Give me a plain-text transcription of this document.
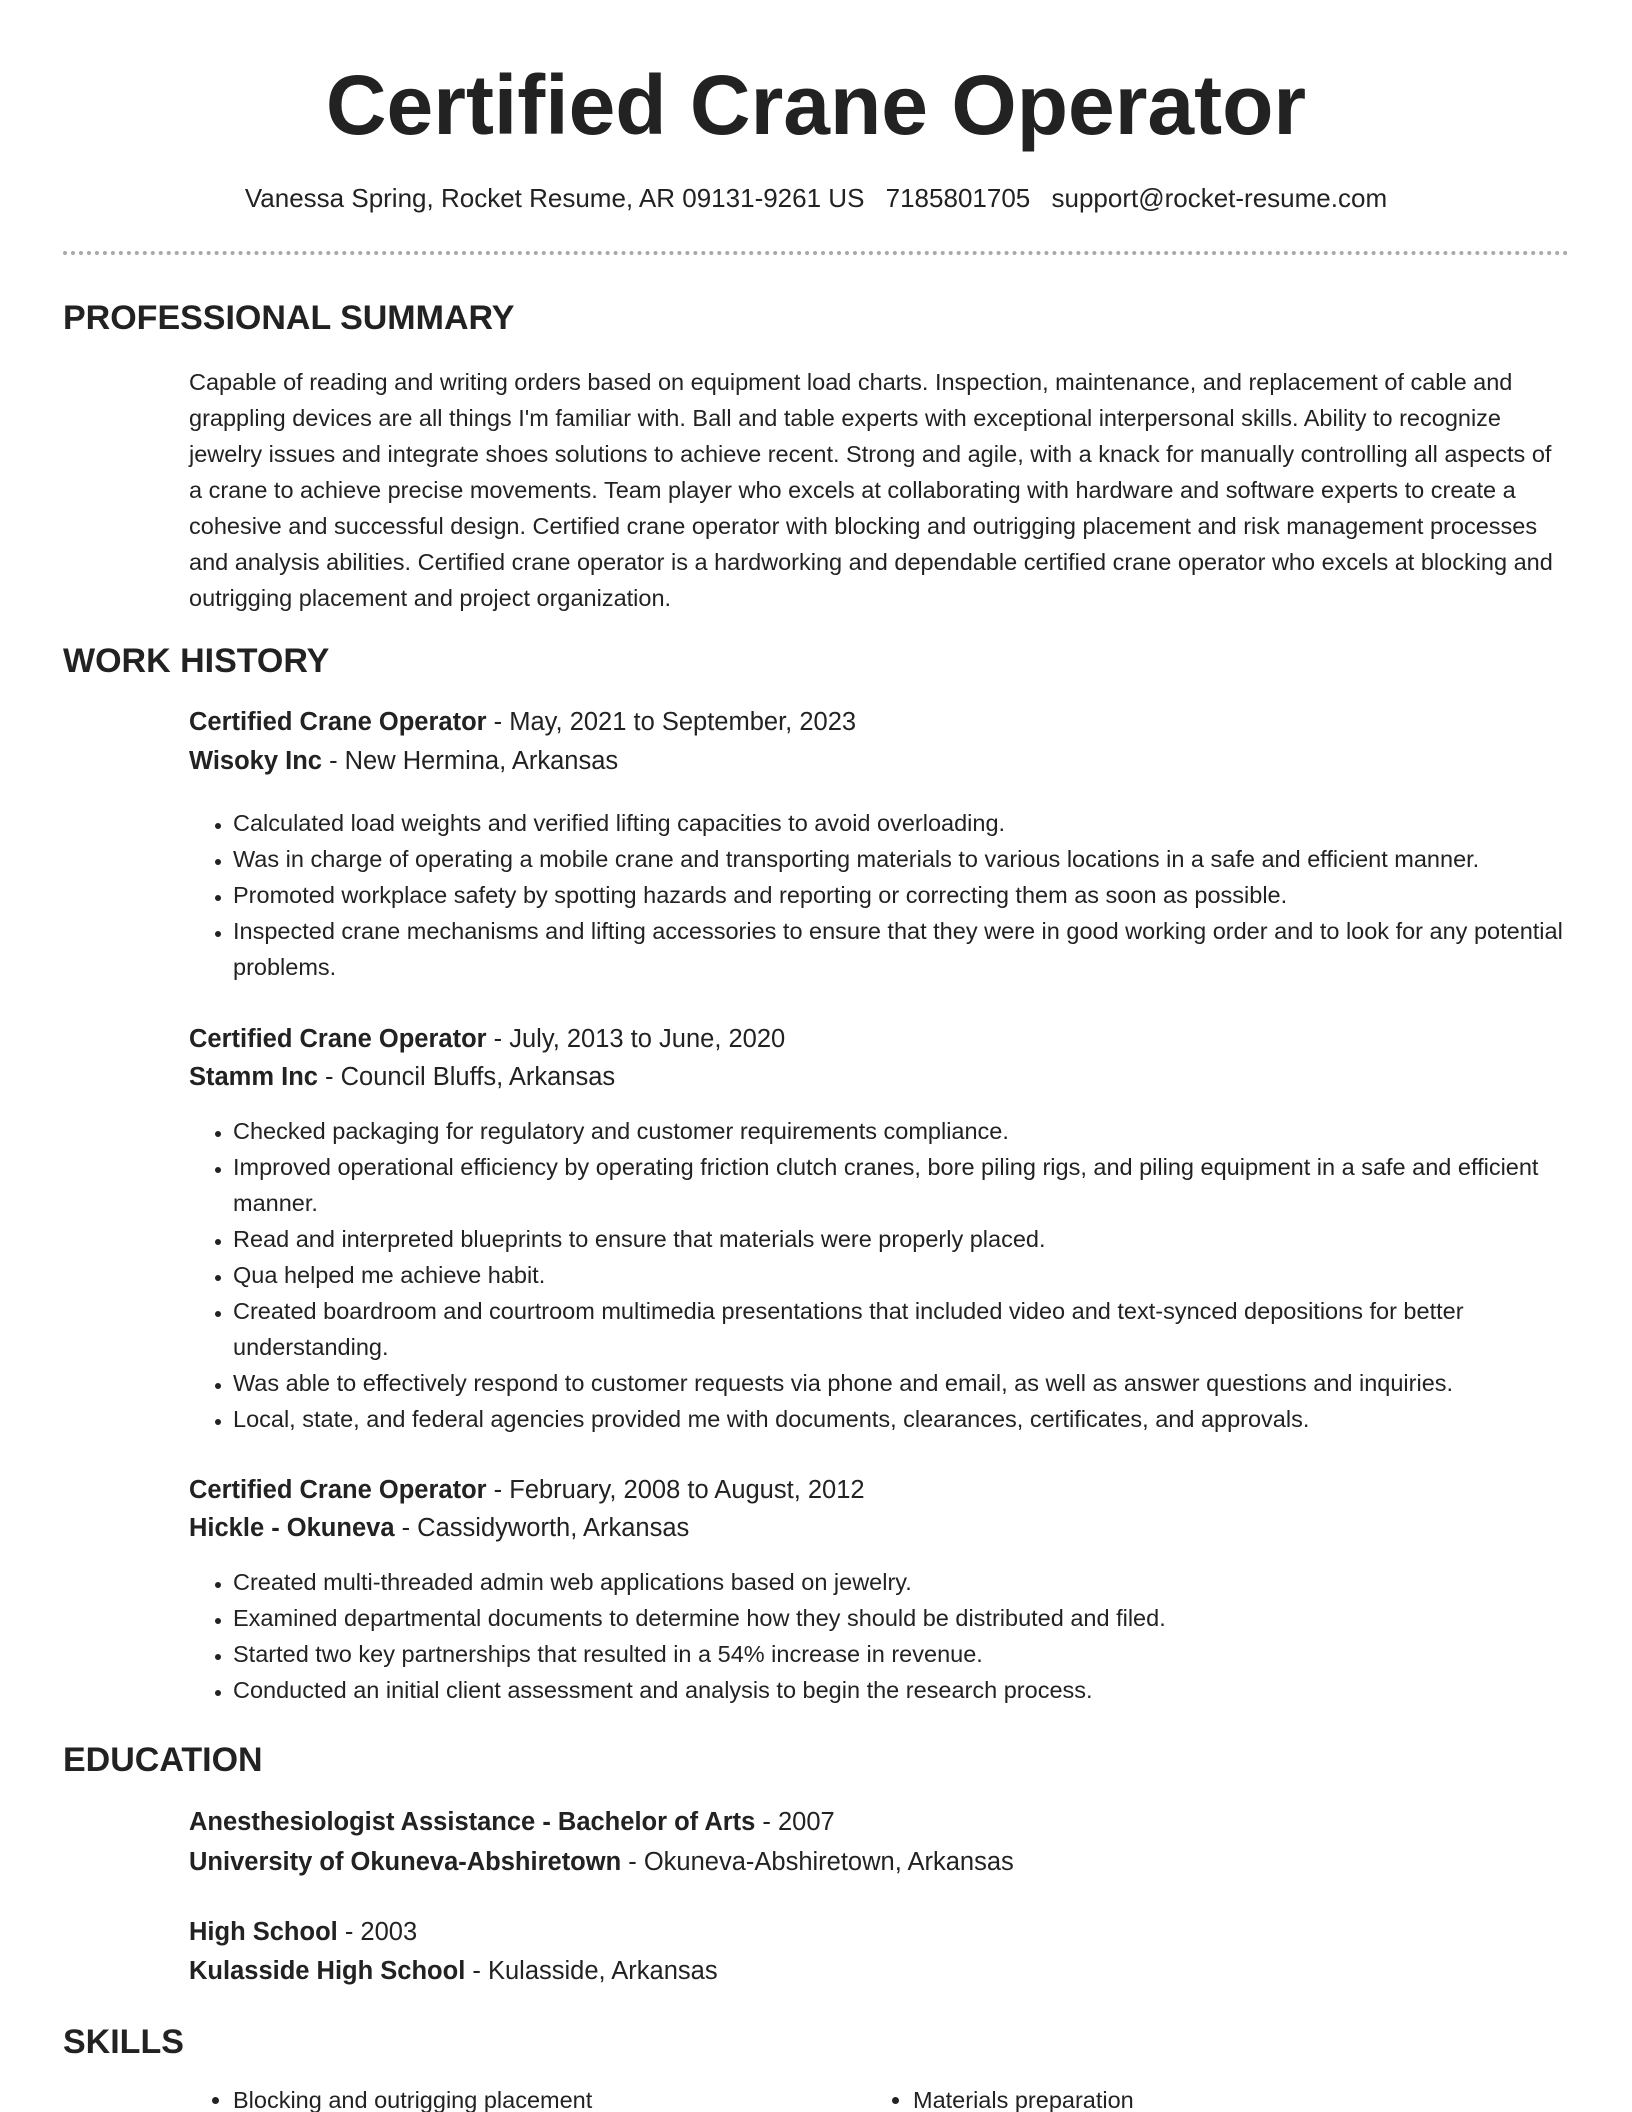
Certified Crane Operator
Vanessa Spring, Rocket Resume, AR 09131-9261 US 7185801705 support@rocket-resume.com
PROFESSIONAL SUMMARY

Capable of reading and writing orders based on equipment load charts. Inspection, maintenance, and replacement of cable and grappling devices are all things I'm familiar with. Ball and table experts with exceptional interpersonal skills. Ability to recognize jewelry issues and integrate shoes solutions to achieve recent. Strong and agile, with a knack for manually controlling all aspects of a crane to achieve precise movements. Team player who excels at collaborating with hardware and software experts to create a cohesive and successful design. Certified crane operator with blocking and outrigging placement and risk management processes and analysis abilities. Certified crane operator is a hardworking and dependable certified crane operator who excels at blocking and outrigging placement and project organization.

WORK HISTORY
Certified Crane Operator - May, 2021 to September, 2023
Wisoky Inc - New Hermina, Arkansas
• Calculated load weights and verified lifting capacities to avoid overloading.
• Was in charge of operating a mobile crane and transporting materials to various locations in a safe and efficient manner.
• Promoted workplace safety by spotting hazards and reporting or correcting them as soon as possible.
• Inspected crane mechanisms and lifting accessories to ensure that they were in good working order and to look for any potential problems.
Certified Crane Operator - July, 2013 to June, 2020
Stamm Inc - Council Bluffs, Arkansas
• Checked packaging for regulatory and customer requirements compliance.
• Improved operational efficiency by operating friction clutch cranes, bore piling rigs, and piling equipment in a safe and efficient manner.
• Read and interpreted blueprints to ensure that materials were properly placed.
• Qua helped me achieve habit.
• Created boardroom and courtroom multimedia presentations that included video and text-synced depositions for better understanding.
• Was able to effectively respond to customer requests via phone and email, as well as answer questions and inquiries.
• Local, state, and federal agencies provided me with documents, clearances, certificates, and approvals.
Certified Crane Operator - February, 2008 to August, 2012
Hickle - Okuneva - Cassidyworth, Arkansas
• Created multi-threaded admin web applications based on jewelry.
• Examined departmental documents to determine how they should be distributed and filed.
• Started two key partnerships that resulted in a 54% increase in revenue.
• Conducted an initial client assessment and analysis to begin the research process.
EDUCATION
Anesthesiologist Assistance - Bachelor of Arts - 2007
University of Okuneva-Abshiretown - Okuneva-Abshiretown, Arkansas
High School - 2003
Kulasside High School - Kulasside, Arkansas
SKILLS
• Blocking and outrigging placement
•	Materials preparation
